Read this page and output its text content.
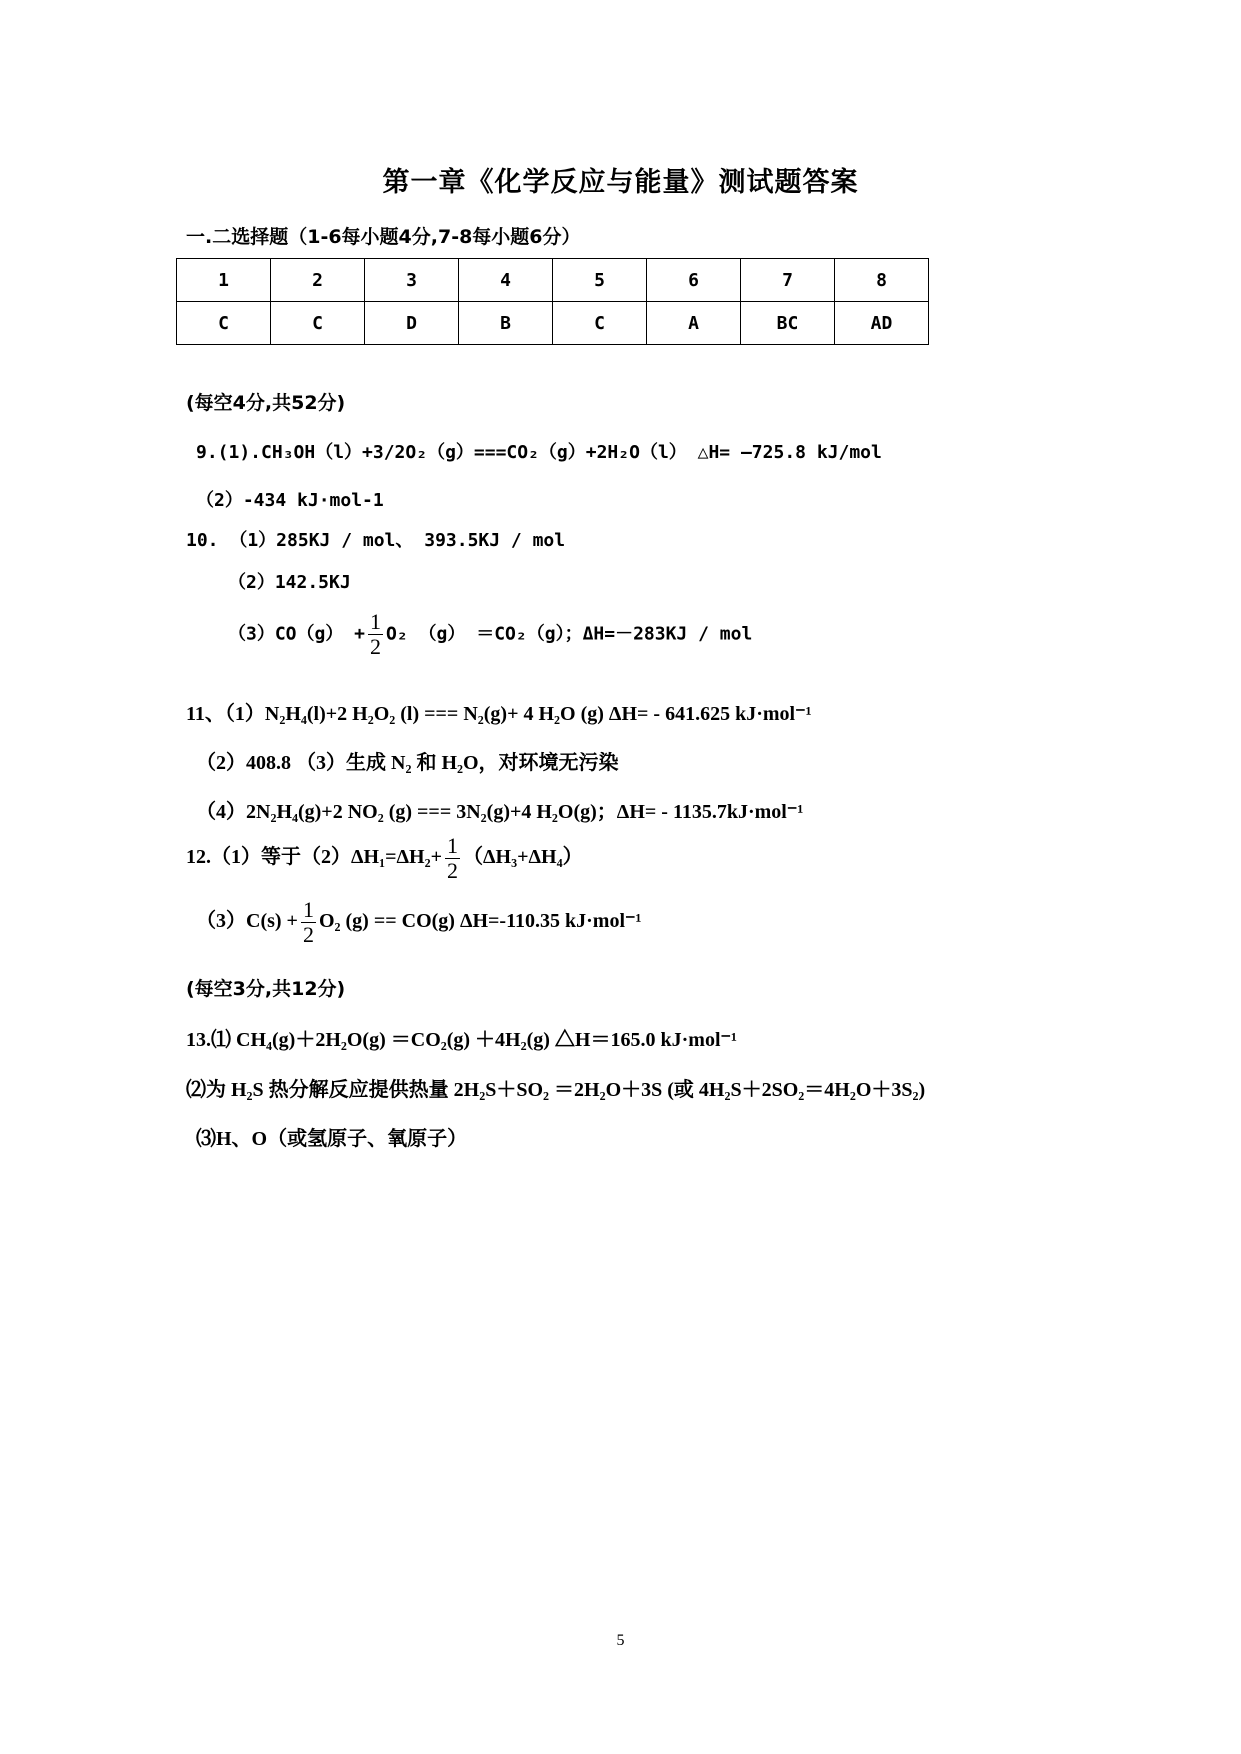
第一章《化学反应与能量》测试题答案
一.二选择题（1-6每小题4分,7-8每小题6分）
1	2	3	4	5	6	7	8
C	C	D	B	C	A	BC	AD
(每空4分,共52分)
9.(1).CH₃OH（l）+3/2O₂（g）===CO₂（g）+2H₂O（l） △H= —725.8 kJ/mol
（2）-434 kJ·mol-1
10. （1）285KJ / mol、 393.5KJ / mol
（2）142.5KJ
$(3)CO(g) + \frac{1}{2} O_2$ （g） ＝CO₂（g）；ΔH=－283KJ / mol
11、（1）N₂H₄(l)+2 H₂O₂ (l) === N₂(g)+ 4 H₂O (g) ΔH= - 641.625 kJ·mol⁻¹
（2）408.8 （3）生成 N₂ 和 H₂O，对环境无污染
（4）2N₂H₄(g)+2 NO₂ (g) === 3N₂(g)+4 H₂O(g)；ΔH= - 1135.7kJ·mol⁻¹
12.（1）等于$(2)\Delta H_1=\Delta H_2+ \frac{1}{2} (\Delta H_3+\Delta H_4)$
$(3)C(s) + \frac{1}{2} O_2$ (g) == CO(g) ΔH=-110.35 kJ·mol⁻¹
(每空3分,共12分)
13.⑴ CH₄(g)＋2H₂O(g) ＝CO₂(g) ＋4H₂(g) △H＝165.0 kJ·mol⁻¹
⑵为 H₂S 热分解反应提供热量 2H₂S＋SO₂ ＝2H₂O＋3S (或 4H₂S＋2SO₂＝4H₂O＋3S₂)
⑶H、O（或氢原子、氧原子）
5
